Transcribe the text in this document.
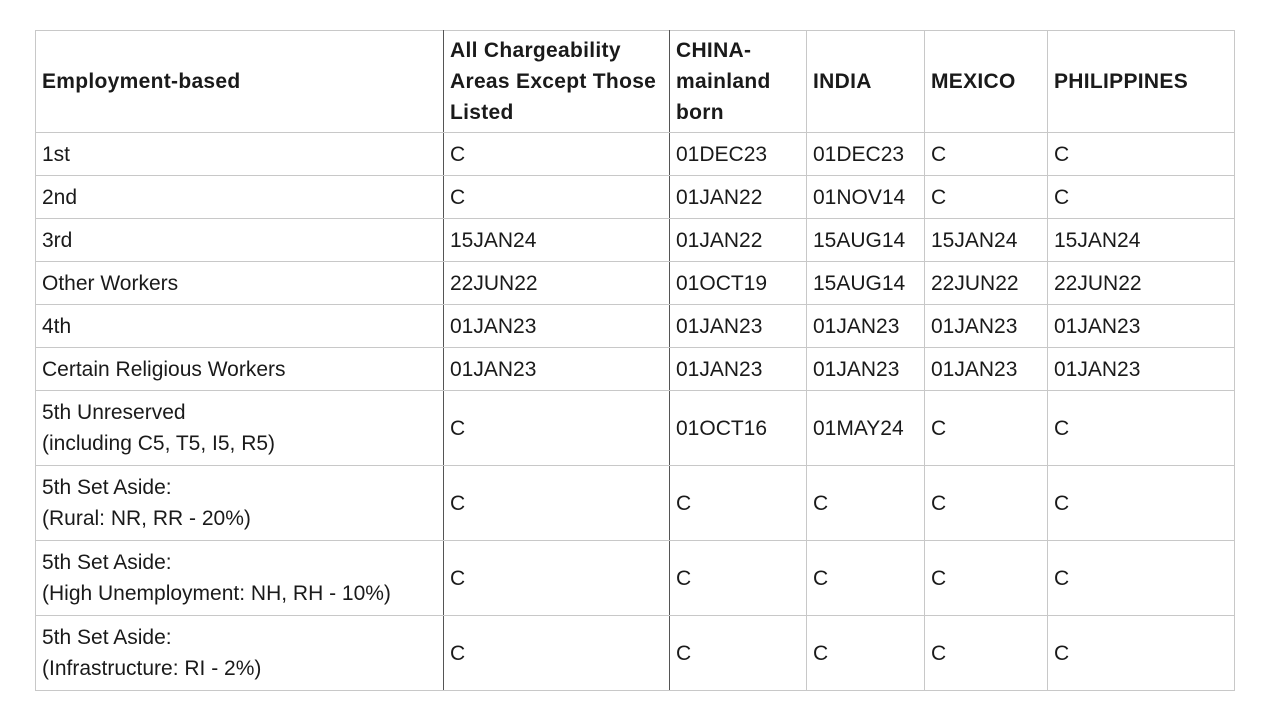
Employment-based	All Chargeability Areas Except Those Listed	CHINA-mainland born	INDIA	MEXICO	PHILIPPINES
1st	C	01DEC23	01DEC23	C	C
2nd	C	01JAN22	01NOV14	C	C
3rd	15JAN24	01JAN22	15AUG14	15JAN24	15JAN24
Other Workers	22JUN22	01OCT19	15AUG14	22JUN22	22JUN22
4th	01JAN23	01JAN23	01JAN23	01JAN23	01JAN23
Certain Religious Workers	01JAN23	01JAN23	01JAN23	01JAN23	01JAN23

5th Unreserved
(including C5, T5, I5, R5)	C	01OCT16	01MAY24	C	C

5th Set Aside:
(Rural: NR, RR - 20%)	C	C	C	C	C

5th Set Aside:
(High Unemployment: NH, RH - 10%)	C	C	C	C	C

5th Set Aside:
(Infrastructure: RI - 2%)	C	C	C	C	C
